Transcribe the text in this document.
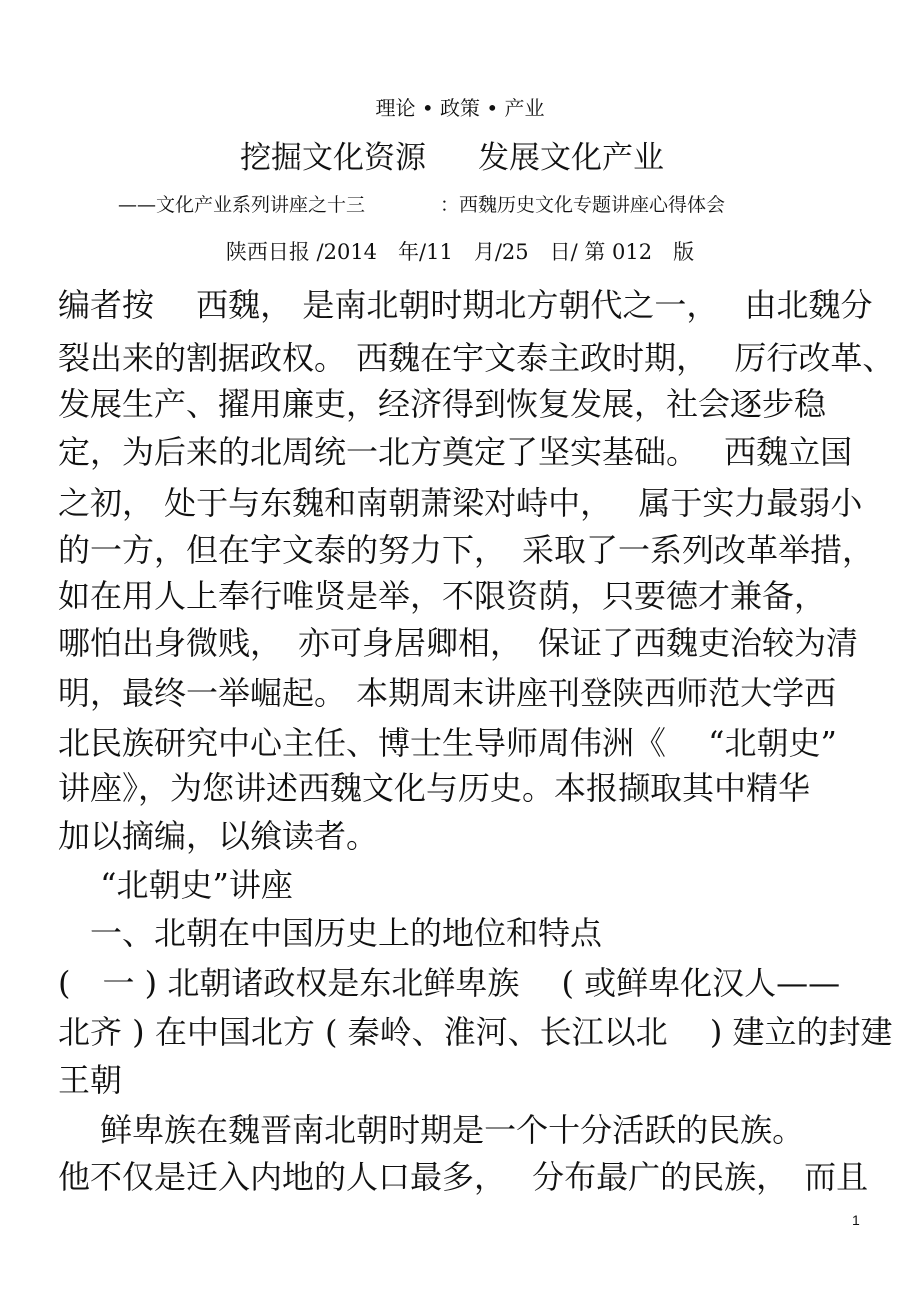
理论 • 政策 • 产业
挖掘文化资源 发展文化产业
——文化产业系列讲座之十三	：西魏历史文化专题讲座心得体会
陕西日报 /2014　年/11　月/25　日/ 第 012　版
编者按　 西魏， 是南北朝时期北方朝代之一，　 由北魏分
裂出来的割据政权。 西魏在宇文泰主政时期，　 厉行改革、
发展生产、擢用廉吏，经济得到恢复发展，社会逐步稳
定，为后来的北周统一北方奠定了坚实基础。　 西魏立国
之初， 处于与东魏和南朝萧梁对峙中，　 属于实力最弱小
的一方，但在宇文泰的努力下，　采取了一系列改革举措，
如在用人上奉行唯贤是举，不限资荫，只要德才兼备，
哪怕出身微贱，　亦可身居卿相，　保证了西魏吏治较为清
明，最终一举崛起。 本期周末讲座刊登陕西师范大学西
北民族研究中心主任、博士生导师周伟洲《　 “北朝史”
讲座》，为您讲述西魏文化与历史。本报撷取其中精华
加以摘编，以飨读者。
　 “北朝史”讲座
　一、北朝在中国历史上的地位和特点
(　一 ) 北朝诸政权是东北鲜卑族　 ( 或鲜卑化汉人——
北齐 ) 在中国北方 ( 秦岭、淮河、长江以北　 ) 建立的封建
王朝
　 鲜卑族在魏晋南北朝时期是一个十分活跃的民族。
他不仅是迁入内地的人口最多，　 分布最广的民族，　而且
1
